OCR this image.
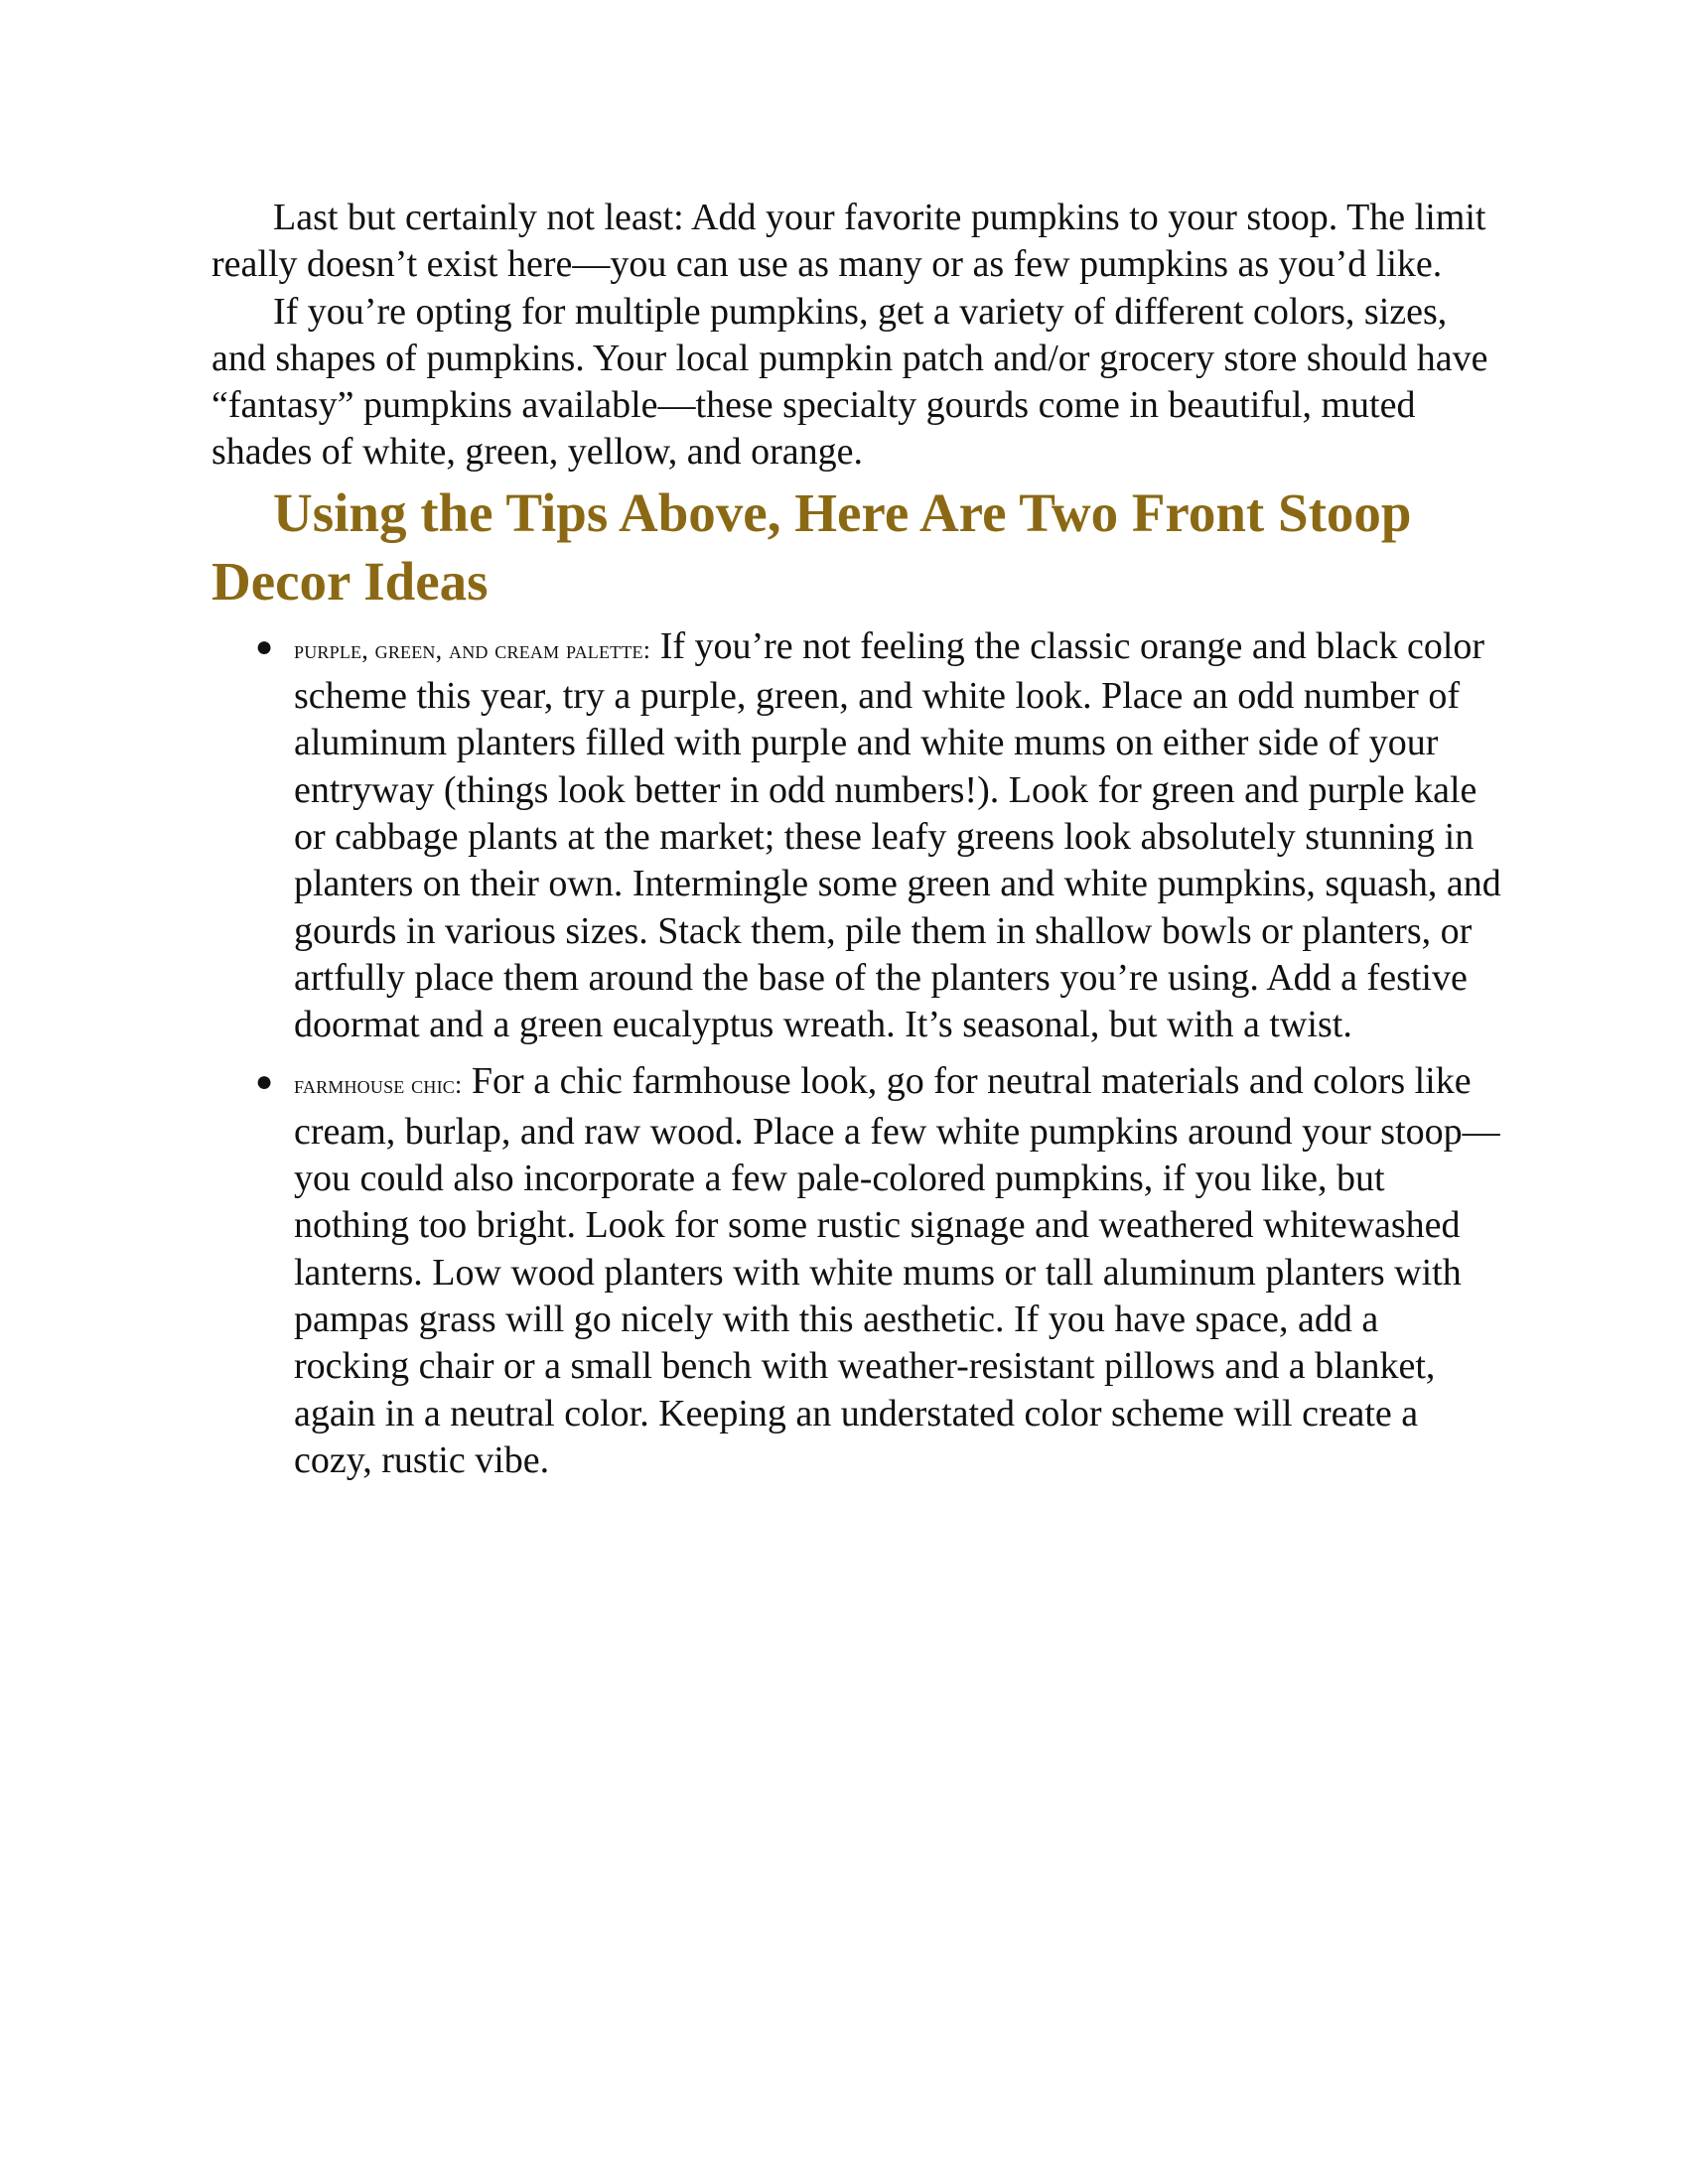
Last but certainly not least: Add your favorite pumpkins to your stoop. The limit really doesn’t exist here—you can use as many or as few pumpkins as you’d like.

If you’re opting for multiple pumpkins, get a variety of different colors, sizes, and shapes of pumpkins. Your local pumpkin patch and/or grocery store should have “fantasy” pumpkins available—these specialty gourds come in beautiful, muted shades of white, green, yellow, and orange.

Using the Tips Above, Here Are Two Front Stoop Decor Ideas
● purple, green, and cream palette: If you’re not feeling the classic orange and black color scheme this year, try a purple, green, and white look. Place an odd number of aluminum planters filled with purple and white mums on either side of your entryway (things look better in odd numbers!). Look for green and purple kale or cabbage plants at the market; these leafy greens look absolutely stunning in planters on their own. Intermingle some green and white pumpkins, squash, and gourds in various sizes. Stack them, pile them in shallow bowls or planters, or artfully place them around the base of the planters you’re using. Add a festive doormat and a green eucalyptus wreath. It’s seasonal, but with a twist.
● farmhouse chic: For a chic farmhouse look, go for neutral materials and colors like cream, burlap, and raw wood. Place a few white pumpkins around your stoop—you could also incorporate a few pale-colored pumpkins, if you like, but nothing too bright. Look for some rustic signage and weathered whitewashed lanterns. Low wood planters with white mums or tall aluminum planters with pampas grass will go nicely with this aesthetic. If you have space, add a rocking chair or a small bench with weather-resistant pillows and a blanket, again in a neutral color. Keeping an understated color scheme will create a cozy, rustic vibe.
